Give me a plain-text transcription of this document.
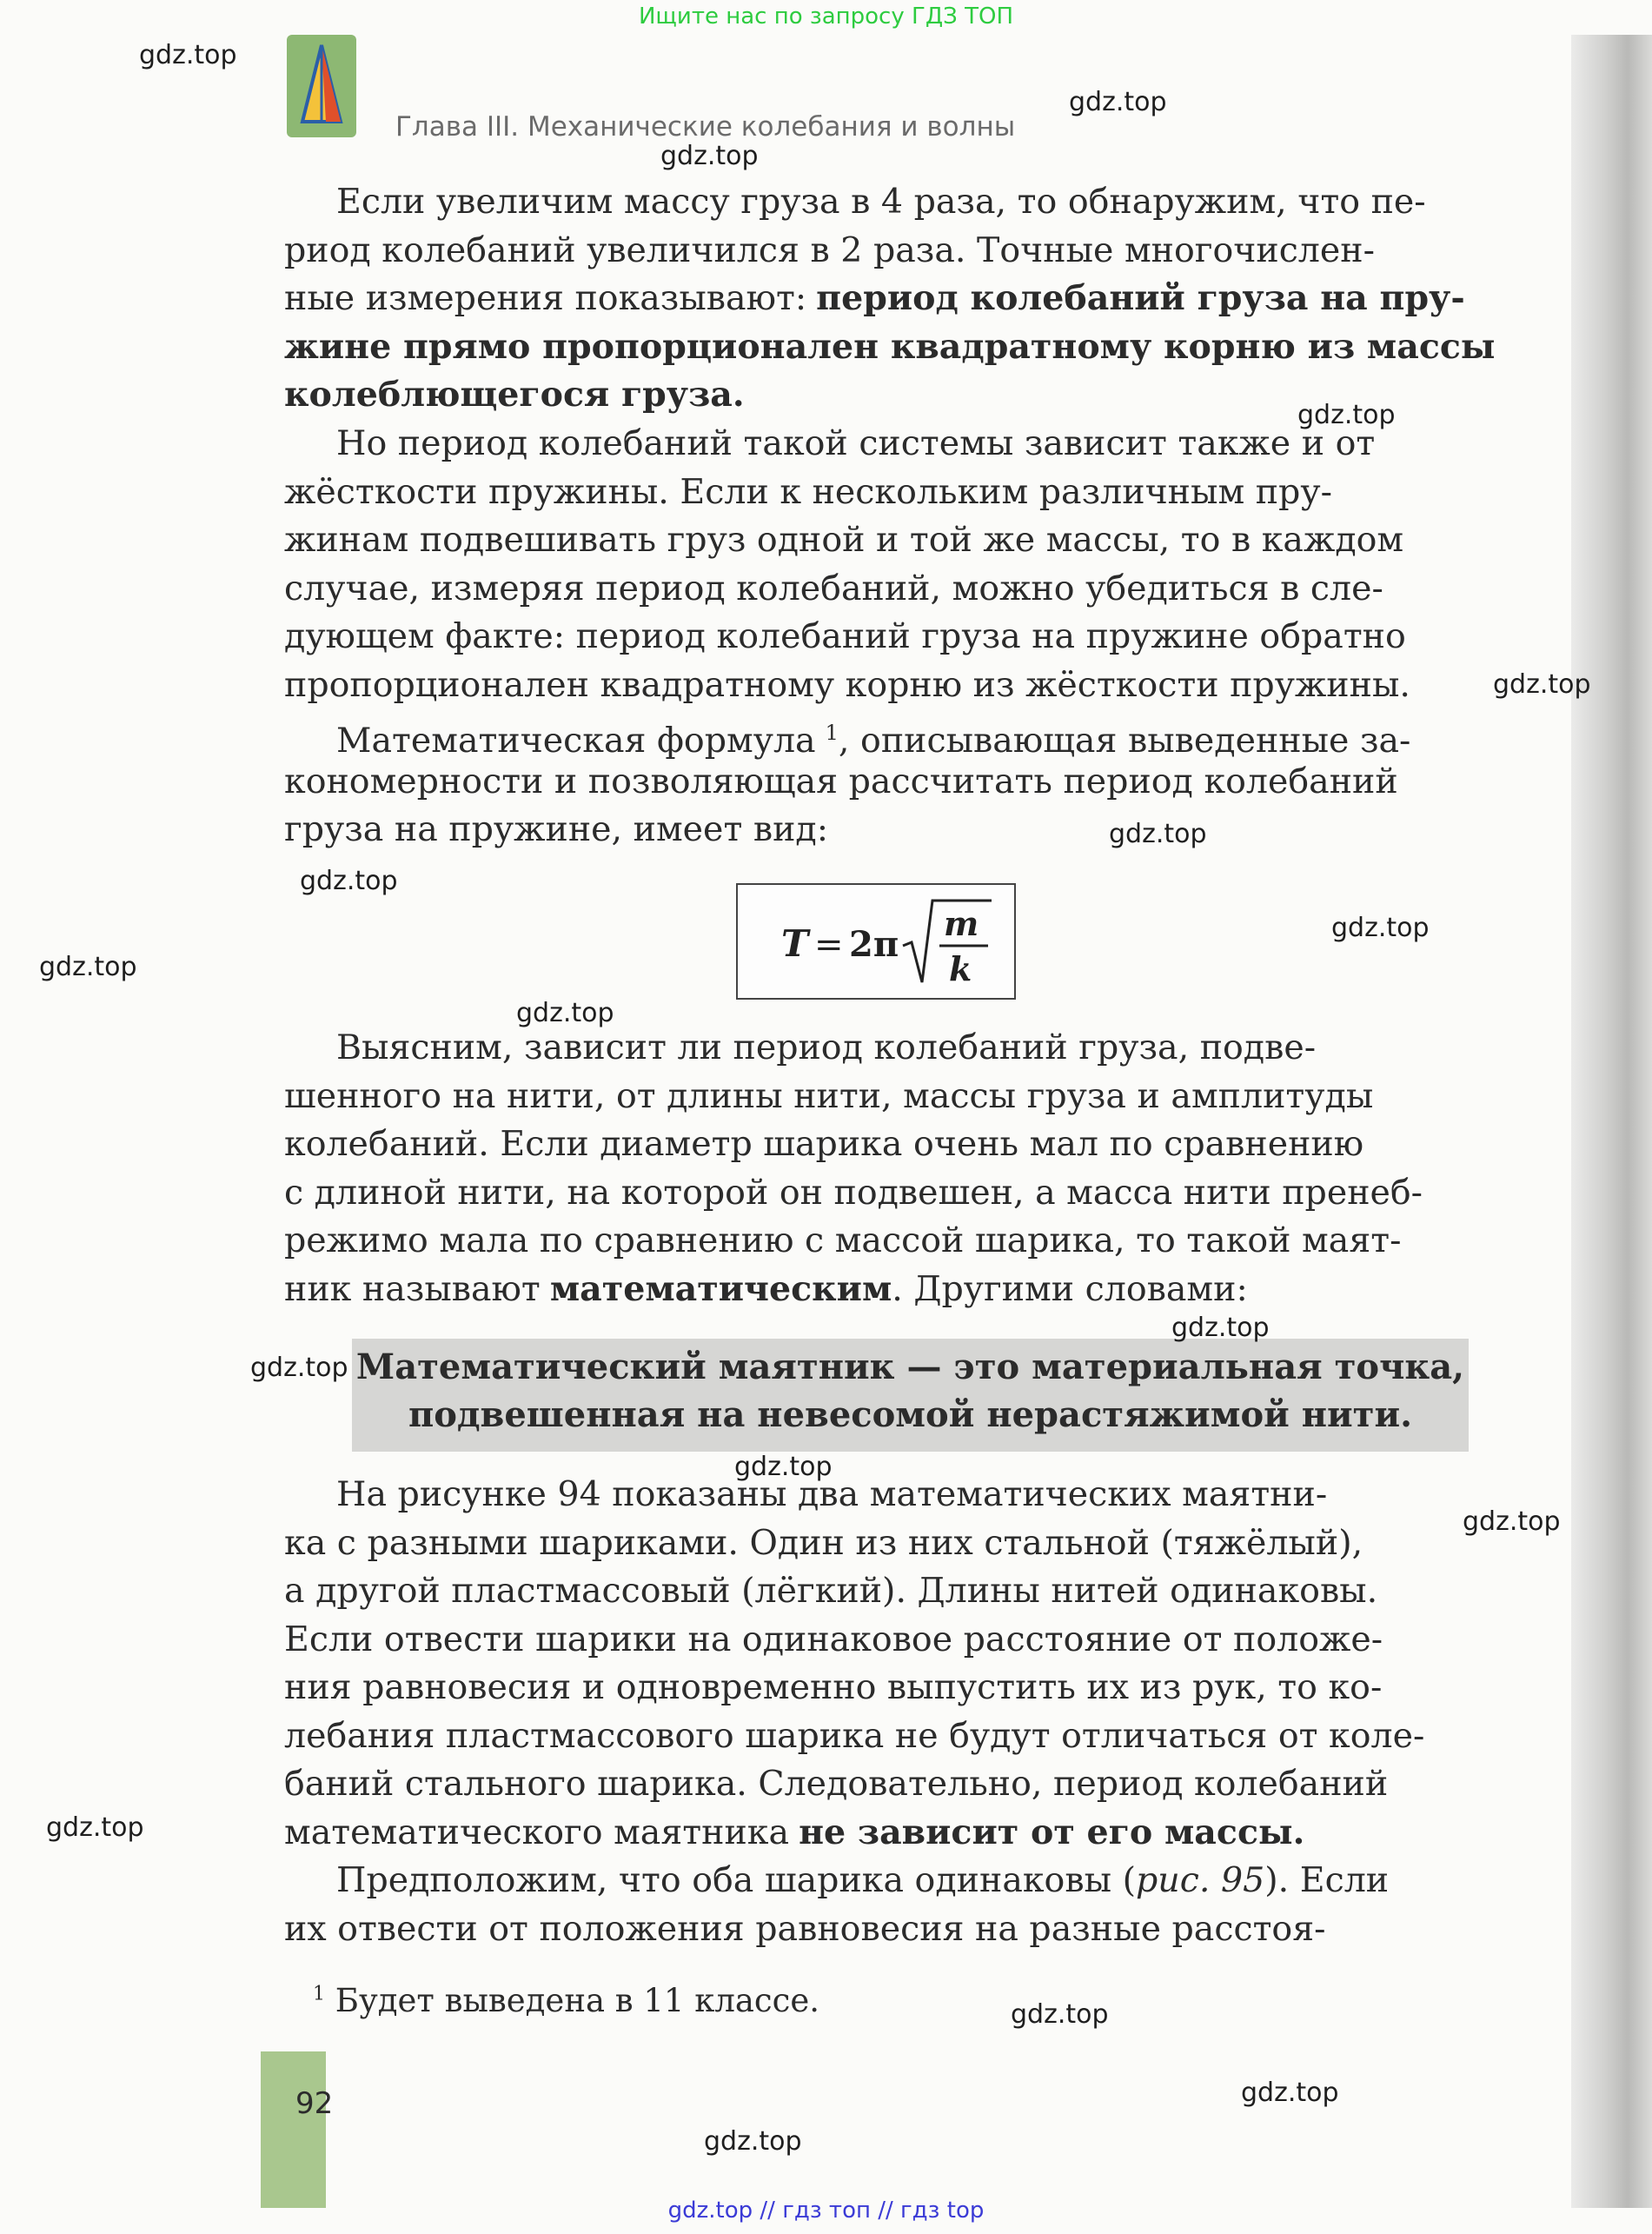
Ищите нас по запросу ГДЗ ТОП
Глава III. Механические колебания и волны
Если увеличим массу груза в 4 раза, то обнаружим, что пе-
риод колебаний увеличился в 2 раза. Точные многочислен-
ные измерения показывают: период колебаний груза на пру-
жине прямо пропорционален квадратному корню из массы
колеблющегося груза.
Но период колебаний такой системы зависит также и от
жёсткости пружины. Если к нескольким различным пру-
жинам подвешивать груз одной и той же массы, то в каждом
случае, измеряя период колебаний, можно убедиться в сле-
дующем факте: период колебаний груза на пружине обратно
пропорционален квадратному корню из жёсткости пружины.
Математическая формула $^1$, описывающая выведенные за-
кономерности и позволяющая рассчитать период колебаний
груза на пружине, имеет вид:
T = 2π
m
k
Выясним, зависит ли период колебаний груза, подве-
шенного на нити, от длины нити, массы груза и амплитуды
колебаний. Если диаметр шарика очень мал по сравнению
с длиной нити, на которой он подвешен, а масса нити пренеб-
режимо мала по сравнению с массой шарика, то такой маят-
ник называют математическим . Другими словами:
Математический маятник — это материальная точка,
подвешенная на невесомой нерастяжимой нити.
На рисунке 94 показаны два математических маятни-
ка с разными шариками. Один из них стальной (тяжёлый),
а другой пластмассовый (лёгкий). Длины нитей одинаковы.
Если отвести шарики на одинаковое расстояние от положе-
ния равновесия и одновременно выпустить их из рук, то ко-
лебания пластмассового шарика не будут отличаться от коле-
баний стального шарика. Следовательно, период колебаний
математического маятника не зависит от его массы.
Предположим, что оба шарика одинаковы (рис. 95). Если
их отвести от положения равновесия на разные расстоя-
$^1$ Будет выведена в 11 классе.
92
gdz.top
gdz.top
gdz.top
gdz.top
gdz.top
gdz.top
gdz.top
gdz.top
gdz.top
gdz.top
gdz.top
gdz.top
gdz.top
gdz.top
gdz.top
gdz.top
gdz.top
gdz.top
gdz.top // гдз топ // гдз top
